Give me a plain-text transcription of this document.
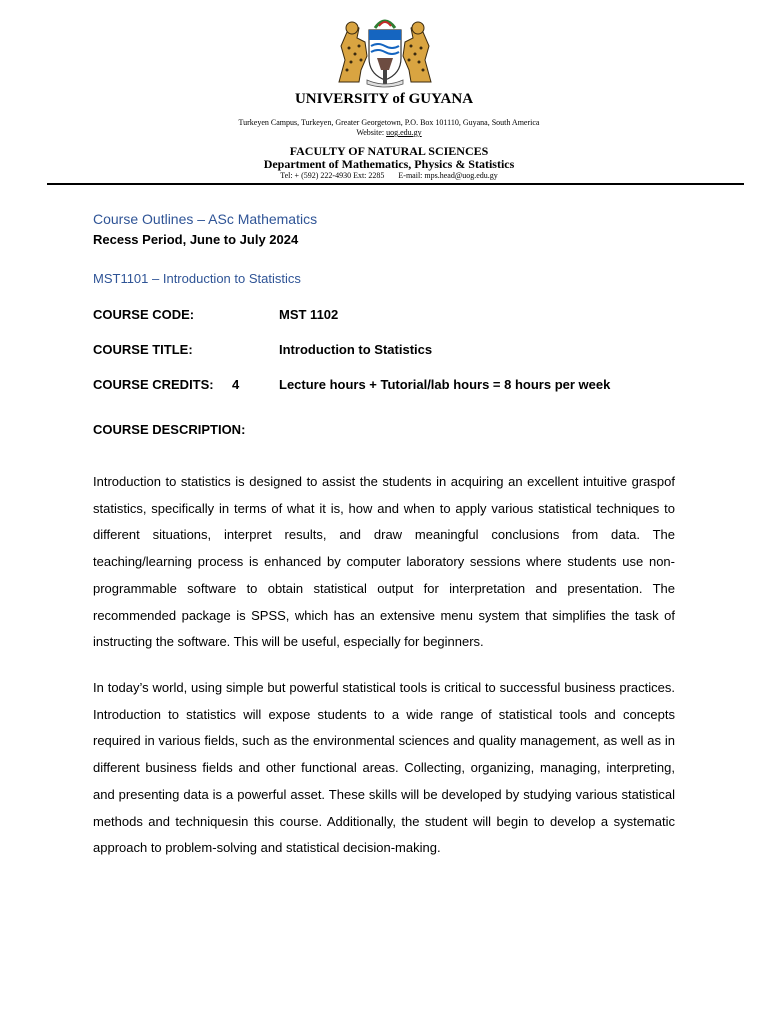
UNIVERSITY of GUYANA
Turkeyen Campus, Turkeyen, Greater Georgetown, P.O. Box 101110, Guyana, South America
Website: uog.edu.gy
FACULTY OF NATURAL SCIENCES
Department of Mathematics, Physics & Statistics
Tel: + (592) 222-4930 Ext: 2285 E-mail: mps.head@uog.edu.gy
Course Outlines – ASc Mathematics
Recess Period, June to July 2024
MST1101 – Introduction to Statistics
COURSE CODE:	MST 1102
COURSE TITLE:	Introduction to Statistics
COURSE CREDITS: 4	Lecture hours + Tutorial/lab hours = 8 hours per week
COURSE DESCRIPTION:
Introduction to statistics is designed to assist the students in acquiring an excellent intuitive graspof statistics, specifically in terms of what it is, how and when to apply various statistical techniques to different situations, interpret results, and draw meaningful conclusions from data. The teaching/learning process is enhanced by computer laboratory sessions where students use non-programmable software to obtain statistical output for interpretation and presentation. The recommended package is SPSS, which has an extensive menu system that simplifies the task of instructing the software. This will be useful, especially for beginners.
In today’s world, using simple but powerful statistical tools is critical to successful business practices. Introduction to statistics will expose students to a wide range of statistical tools and concepts required in various fields, such as the environmental sciences and quality management, as well as in different business fields and other functional areas. Collecting, organizing, managing, interpreting, and presenting data is a powerful asset. These skills will be developed by studying various statistical methods and techniquesin this course. Additionally, the student will begin to develop a systematic approach to problem-solving and statistical decision-making.
